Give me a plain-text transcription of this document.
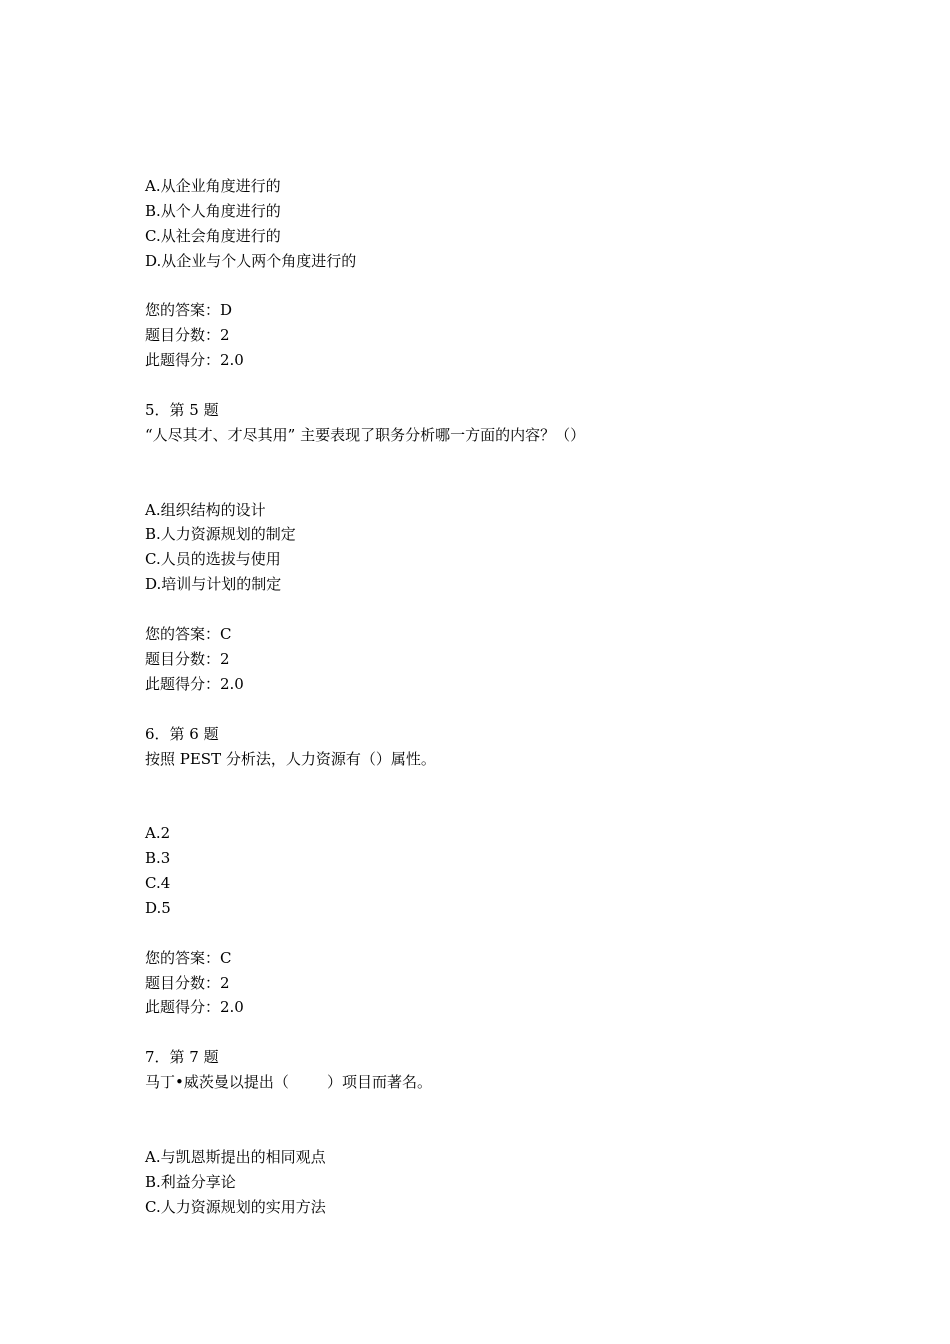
A.从企业角度进行的
B.从个人角度进行的
C.从社会角度进行的
D.从企业与个人两个角度进行的
您的答案：D
题目分数：2
此题得分：2.0
5．第 5 题
“人尽其才、才尽其用” 主要表现了职务分析哪一方面的内容？（）
A.组织结构的设计
B.人力资源规划的制定
C.人员的选拔与使用
D.培训与计划的制定
您的答案：C
题目分数：2
此题得分：2.0
6．第 6 题
按照 PEST 分析法，人力资源有（）属性。
A.2
B.3
C.4
D.5
您的答案：C
题目分数：2
此题得分：2.0
7．第 7 题
马丁•威茨曼以提出（        ）项目而著名。
A.与凯恩斯提出的相同观点
B.利益分享论
C.人力资源规划的实用方法
